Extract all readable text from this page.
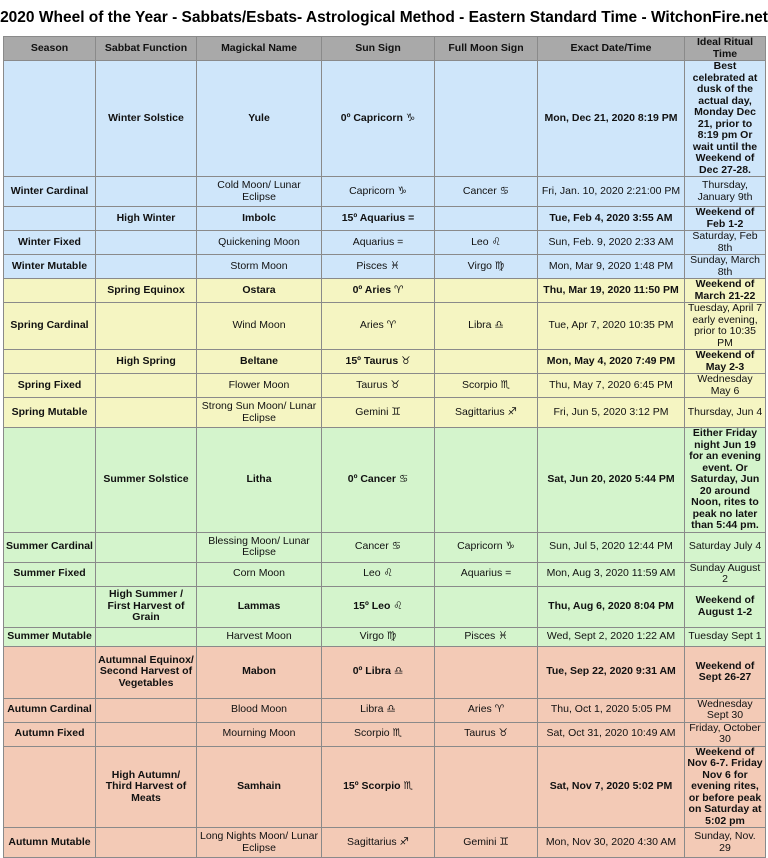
2020 Wheel of the Year - Sabbats/Esbats- Astrological Method - Eastern Standard Time - WitchonFire.net
Season	Sabbat Function	Magickal Name	Sun Sign	Full Moon Sign	Exact Date/Time	Ideal Ritual Time
	Winter Solstice	Yule	0º Capricorn ♑		Mon, Dec 21, 2020 8:19 PM	Best celebrated at dusk of the actual day, Monday Dec 21, prior to 8:19 pm Or wait until the Weekend of Dec 27-28.
Winter Cardinal		Cold Moon/ Lunar Eclipse	Capricorn ♑	Cancer ♋	Fri, Jan. 10, 2020 2:21:00 PM	Thursday, January 9th
	High Winter	Imbolc	15º Aquarius =		Tue, Feb 4, 2020 3:55 AM	Weekend of Feb 1-2
Winter Fixed		Quickening Moon	Aquarius =	Leo ♌	Sun, Feb. 9, 2020 2:33 AM	Saturday, Feb 8th
Winter Mutable		Storm Moon	Pisces ♓	Virgo ♍	Mon, Mar 9, 2020 1:48 PM	Sunday, March 8th
	Spring Equinox	Ostara	0º Aries ♈		Thu, Mar 19, 2020 11:50 PM	Weekend of March 21-22
Spring Cardinal		Wind Moon	Aries ♈	Libra ♎	Tue, Apr 7, 2020 10:35 PM	Tuesday, April 7 early evening, prior to 10:35 PM
	High Spring	Beltane	15º Taurus ♉		Mon, May 4, 2020 7:49 PM	Weekend of May 2-3
Spring Fixed		Flower Moon	Taurus ♉	Scorpio ♏	Thu, May 7, 2020 6:45 PM	Wednesday May 6
Spring Mutable		Strong Sun Moon/ Lunar Eclipse	Gemini ♊	Sagittarius ♐	Fri, Jun 5, 2020 3:12 PM	Thursday, Jun 4
	Summer Solstice	Litha	0º Cancer ♋		Sat, Jun 20, 2020 5:44 PM	Either Friday night Jun 19 for an evening event. Or Saturday, Jun 20 around Noon, rites to peak no later than 5:44 pm.
Summer Cardinal		Blessing Moon/ Lunar Eclipse	Cancer ♋	Capricorn ♑	Sun, Jul 5, 2020 12:44 PM	Saturday July 4
Summer Fixed		Corn Moon	Leo ♌	Aquarius =	Mon, Aug 3, 2020 11:59 AM	Sunday August 2
	High Summer / First Harvest of Grain	Lammas	15º Leo ♌		Thu, Aug 6, 2020 8:04 PM	Weekend of August 1-2
Summer Mutable		Harvest Moon	Virgo ♍	Pisces ♓	Wed, Sept 2, 2020 1:22 AM	Tuesday Sept 1
	Autumnal Equinox/ Second Harvest of Vegetables	Mabon	0º Libra ♎		Tue, Sep 22, 2020 9:31 AM	Weekend of Sept 26-27
Autumn Cardinal		Blood Moon	Libra ♎	Aries ♈	Thu, Oct 1, 2020 5:05 PM	Wednesday Sept 30
Autumn Fixed		Mourning Moon	Scorpio ♏	Taurus ♉	Sat, Oct 31, 2020 10:49 AM	Friday, October 30
	High Autumn/ Third Harvest of Meats	Samhain	15º Scorpio ♏		Sat, Nov 7, 2020 5:02 PM	Weekend of Nov 6-7. Friday Nov 6 for evening rites, or before peak on Saturday at 5:02 pm
Autumn Mutable		Long Nights Moon/ Lunar Eclipse	Sagittarius ♐	Gemini ♊	Mon, Nov 30, 2020 4:30 AM	Sunday, Nov. 29
